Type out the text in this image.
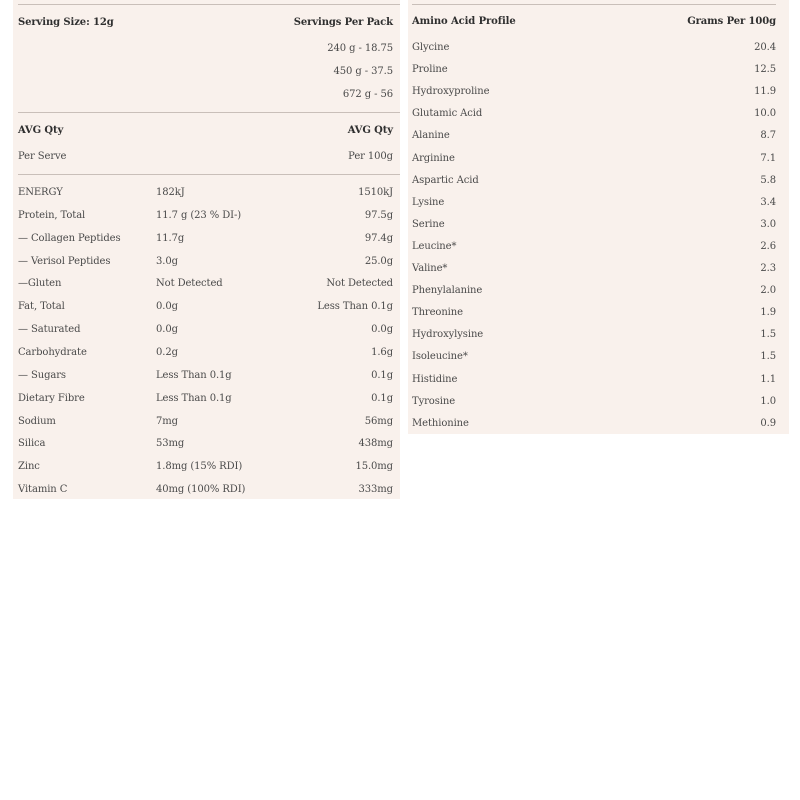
Serving Size: 12g	Servings Per Pack
240 g - 18.75
450 g - 37.5
672 g - 56
AVG Qty	AVG Qty
Per Serve	Per 100g
ENERGY	182kJ	1510kJ
Protein, Total	11.7 g (23 % DI-)	97.5g
— Collagen Peptides	11.7g	97.4g
— Verisol Peptides	3.0g	25.0g
—Gluten	Not Detected	Not Detected
Fat, Total	0.0g	Less Than 0.1g
— Saturated	0.0g	0.0g
Carbohydrate	0.2g	1.6g
— Sugars	Less Than 0.1g	0.1g
Dietary Fibre	Less Than 0.1g	0.1g
Sodium	7mg	56mg
Silica	53mg	438mg
Zinc	1.8mg (15% RDI)	15.0mg
Vitamin C	40mg (100% RDI)	333mg
Amino Acid Profile	Grams Per 100g
Glycine	20.4
Proline	12.5
Hydroxyproline	11.9
Glutamic Acid	10.0
Alanine	8.7
Arginine	7.1
Aspartic Acid	5.8
Lysine	3.4
Serine	3.0
Leucine*	2.6
Valine*	2.3
Phenylalanine	2.0
Threonine	1.9
Hydroxylysine	1.5
Isoleucine*	1.5
Histidine	1.1
Tyrosine	1.0
Methionine	0.9
